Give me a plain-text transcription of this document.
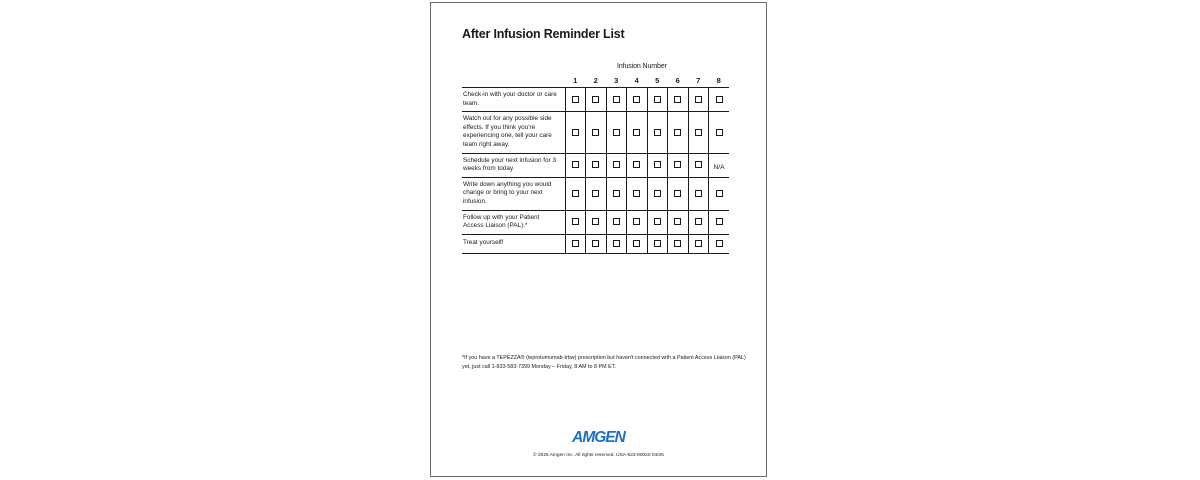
After Infusion Reminder List
Infusion Number
	1	2	3	4	5	6	7	8
Check-in with your doctor or care team.								
Watch out for any possible side effects. If you think you're experiencing one, tell your care team right away.								
Schedule your next infusion for 3 weeks from today.								N/A
Write down anything you would change or bring to your next infusion.								
Follow up with your Patient Access Liaison (PAL).*								
Treat yourself!								
*If you have a TEPEZZA® (teprotumumab-trbw) prescription but haven't connected with a Patient Access Liaison (PAL) yet, just call 1-833-583-7399 Monday – Friday, 8 AM to 8 PM ET.
AMGEN
© 2025 Amgen Inc. All rights reserved. USA-623-80020 04/25
